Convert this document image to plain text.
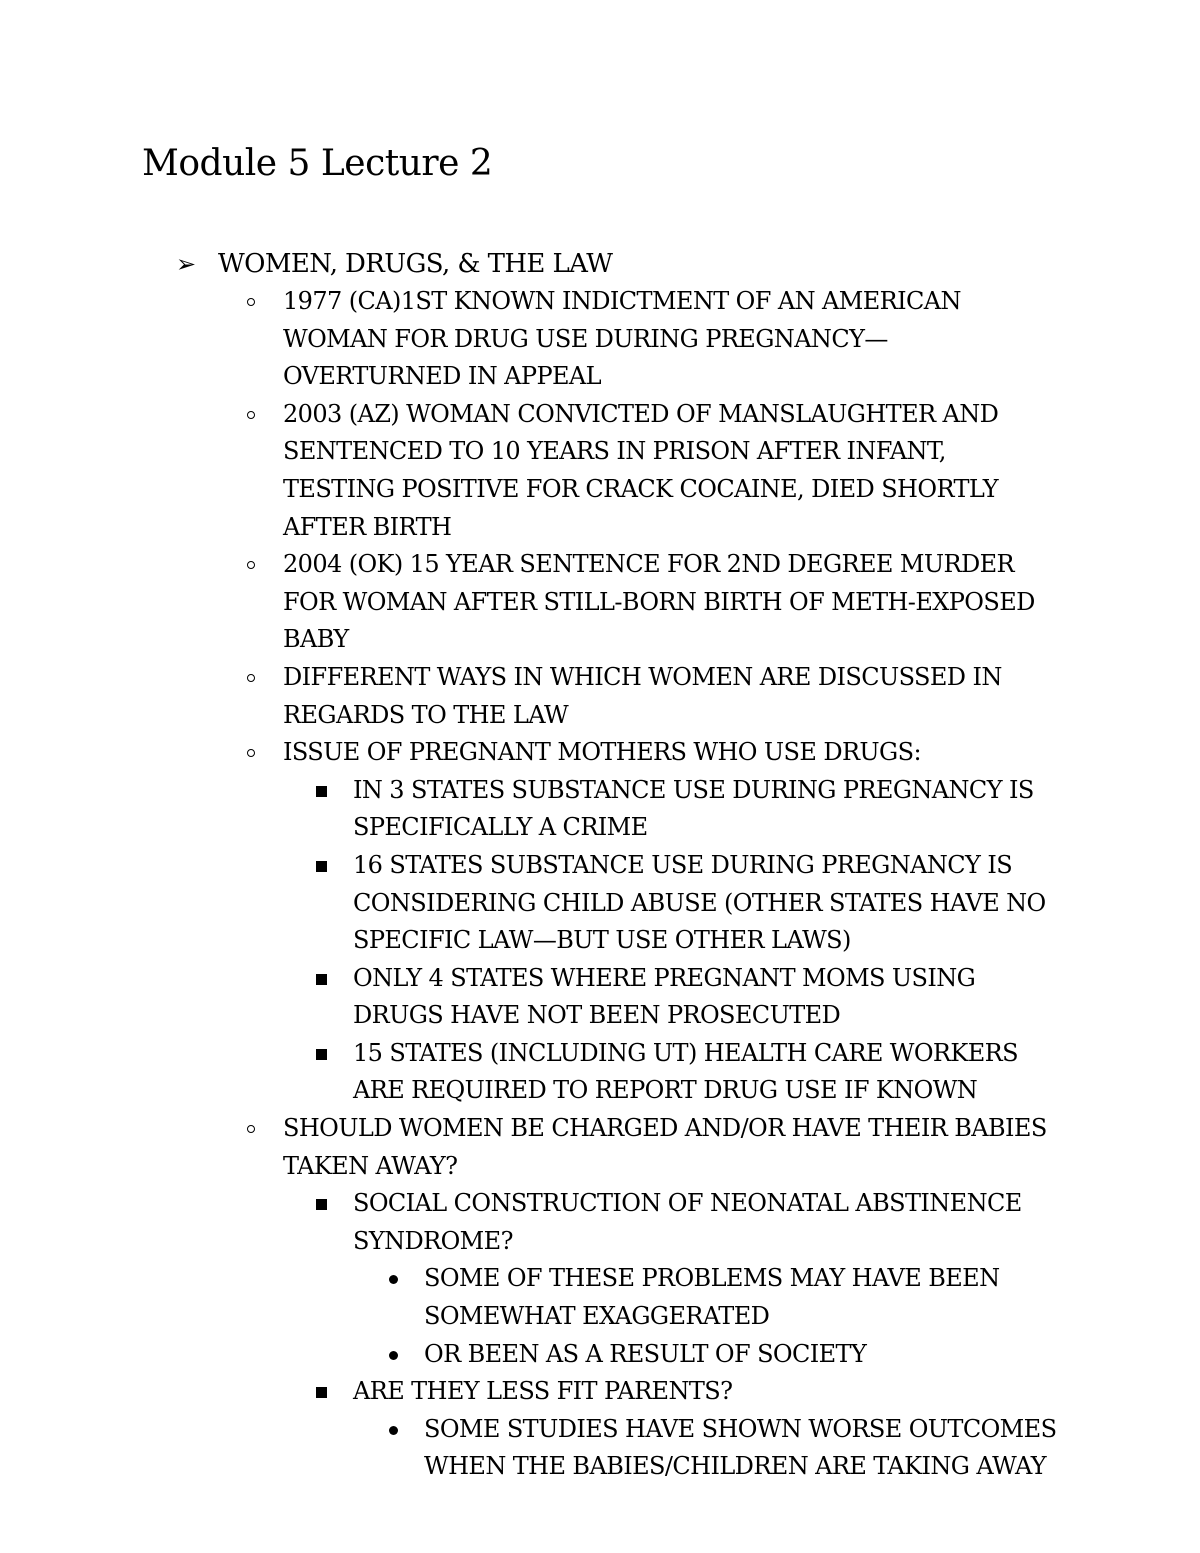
Module 5 Lecture 2
➢ WOMEN, DRUGS, & THE LAW
1977 (CA)1ST KNOWN INDICTMENT OF AN AMERICAN WOMAN FOR DRUG USE DURING PREGNANCY—OVERTURNED IN APPEAL
2003 (AZ) WOMAN CONVICTED OF MANSLAUGHTER AND SENTENCED TO 10 YEARS IN PRISON AFTER INFANT, TESTING POSITIVE FOR CRACK COCAINE, DIED SHORTLY AFTER BIRTH
2004 (OK) 15 YEAR SENTENCE FOR 2ND DEGREE MURDER FOR WOMAN AFTER STILL-BORN BIRTH OF METH-EXPOSED BABY
DIFFERENT WAYS IN WHICH WOMEN ARE DISCUSSED IN REGARDS TO THE LAW
ISSUE OF PREGNANT MOTHERS WHO USE DRUGS:
IN 3 STATES SUBSTANCE USE DURING PREGNANCY IS SPECIFICALLY A CRIME
16 STATES SUBSTANCE USE DURING PREGNANCY IS CONSIDERING CHILD ABUSE (OTHER STATES HAVE NO SPECIFIC LAW—BUT USE OTHER LAWS)
ONLY 4 STATES WHERE PREGNANT MOMS USING DRUGS HAVE NOT BEEN PROSECUTED
15 STATES (INCLUDING UT) HEALTH CARE WORKERS ARE REQUIRED TO REPORT DRUG USE IF KNOWN
SHOULD WOMEN BE CHARGED AND/OR HAVE THEIR BABIES TAKEN AWAY?
SOCIAL CONSTRUCTION OF NEONATAL ABSTINENCE SYNDROME?
SOME OF THESE PROBLEMS MAY HAVE BEEN SOMEWHAT EXAGGERATED
OR BEEN AS A RESULT OF SOCIETY
ARE THEY LESS FIT PARENTS?
SOME STUDIES HAVE SHOWN WORSE OUTCOMES WHEN THE BABIES/CHILDREN ARE TAKING AWAY
